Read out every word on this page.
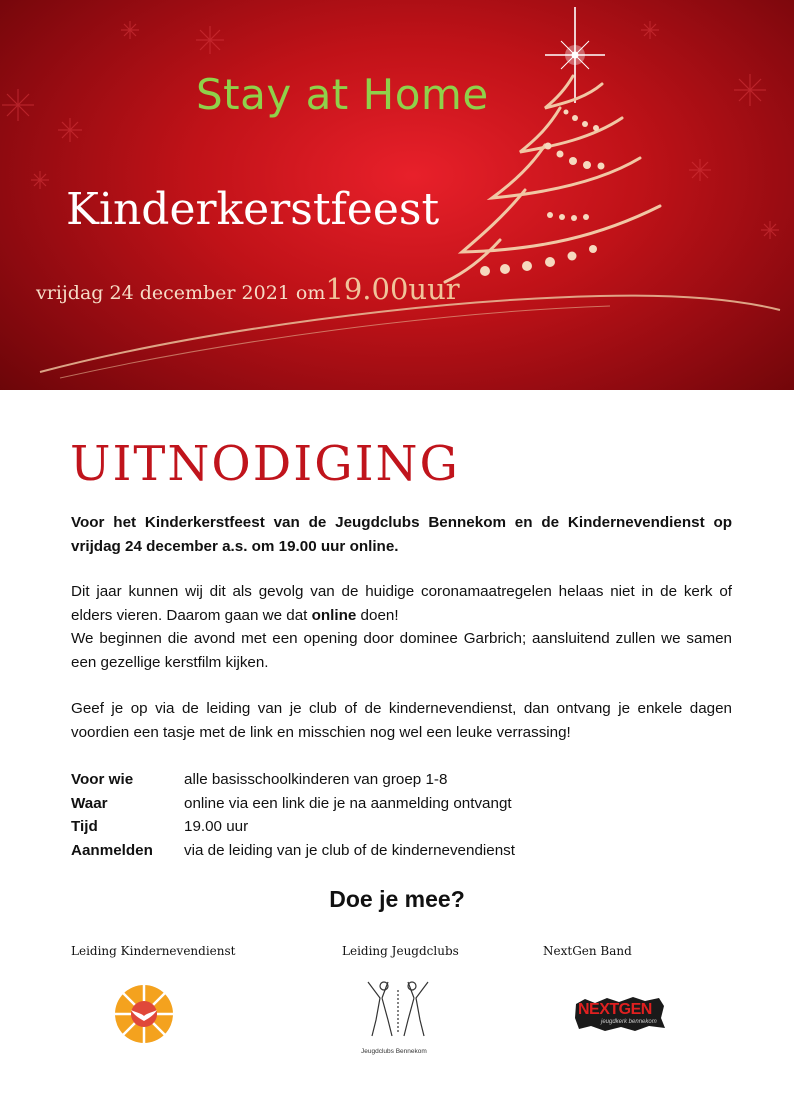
Stay at Home
Kinderkerstfeest
vrijdag 24 december 2021 om19.00uur
UITNODIGING
Voor het Kinderkerstfeest van de Jeugdclubs Bennekom en de Kindernevendienst op vrijdag 24 december a.s. om 19.00 uur online.
Dit jaar kunnen wij dit als gevolg van de huidige coronamaatregelen helaas niet in de kerk of elders vieren. Daarom gaan we dat online doen!
We beginnen die avond met een opening door dominee Garbrich; aansluitend zullen we samen een gezellige kerstfilm kijken.
Geef je op via de leiding van je club of de kindernevendienst, dan ontvang je enkele dagen voordien een tasje met de link en misschien nog wel een leuke verrassing!
Voor wie	alle basisschoolkinderen van groep 1-8
Waar	online via een link die je na aanmelding ontvangt
Tijd	19.00 uur
Aanmelden	via de leiding van je club of de kindernevendienst
Doe je mee?
Leiding Kindernevendienst	Leiding Jeugdclubs	NextGen Band
Jeugdclubs Bennekom
NEXTGEN
jeugdkerk bennekom
